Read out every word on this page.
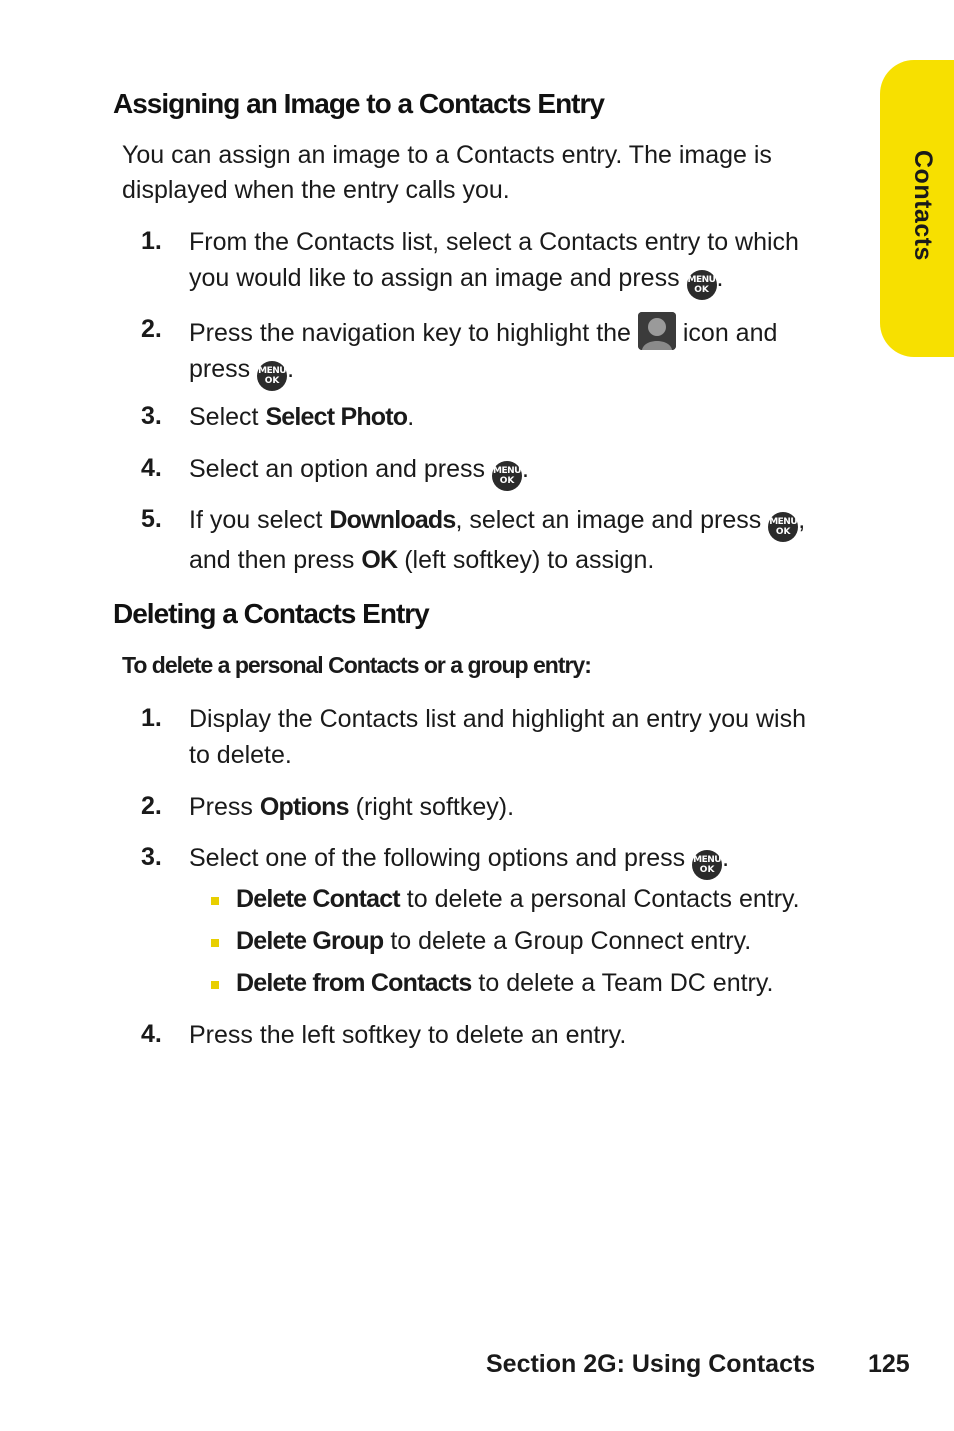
Contacts
Assigning an Image to a Contacts Entry
You can assign an image to a Contacts entry. The image is
displayed when the entry calls you.
1. From the Contacts list, select a Contacts entry to which
you would like to assign an image and press MENU
OK .
2. Press the navigation key to highlight the icon and
press MENU
OK .
3. Select Select Photo.
4. Select an option and press MENU
OK .
5. If you select Downloads, select an image and press MENU
OK ,
and then press OK (left softkey) to assign.
Deleting a Contacts Entry
To delete a personal Contacts or a group entry:
1. Display the Contacts list and highlight an entry you wish
to delete.
2. Press Options (right softkey).
3. Select one of the following options and press MENU
OK .
Delete Contact to delete a personal Contacts entry.
Delete Group to delete a Group Connect entry.
Delete from Contacts to delete a Team DC entry.
4. Press the left softkey to delete an entry.
Section 2G: Using Contacts 125
